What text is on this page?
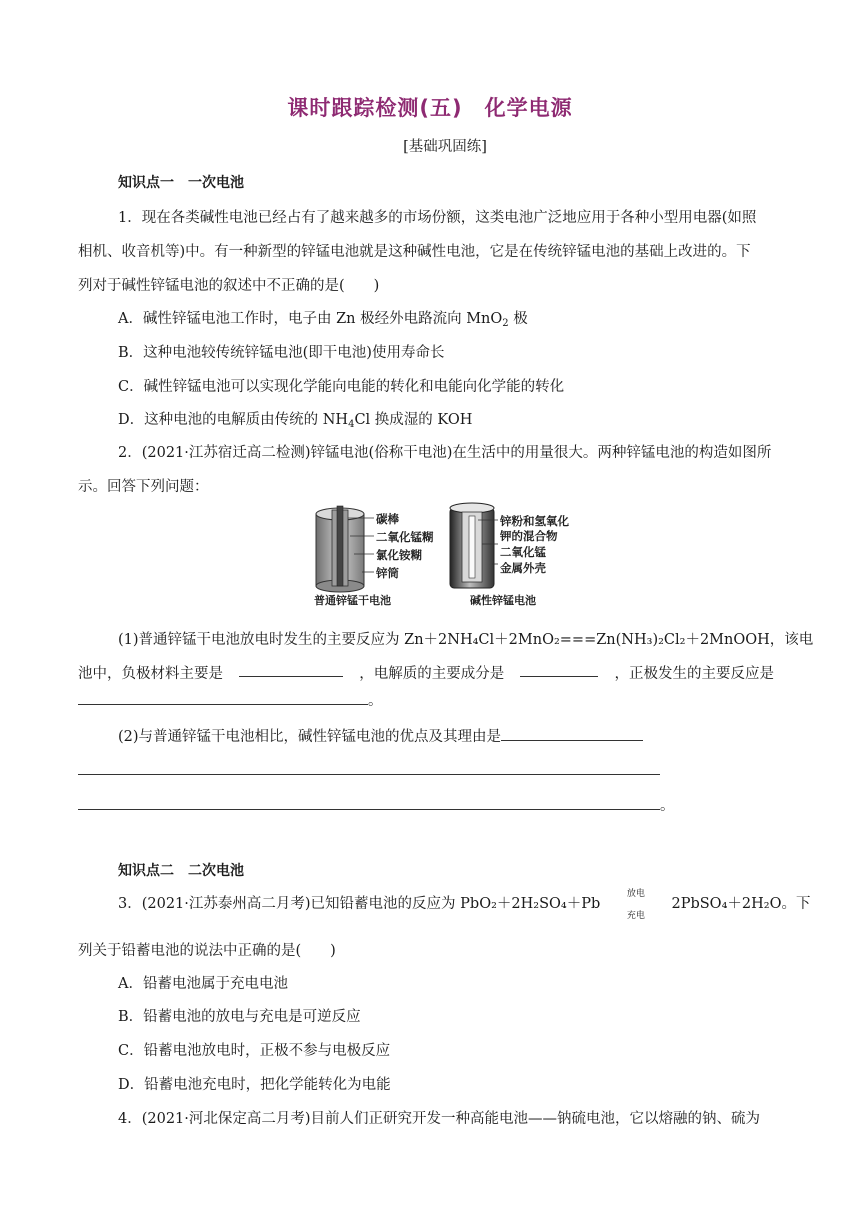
课时跟踪检测(五)　化学电源
[基础巩固练]
知识点一　一次电池
1．现在各类碱性电池已经占有了越来越多的市场份额，这类电池广泛地应用于各种小型用电器(如照
相机、收音机等)中。有一种新型的锌锰电池就是这种碱性电池，它是在传统锌锰电池的基础上改进的。下
列对于碱性锌锰电池的叙述中不正确的是(　　)
A．碱性锌锰电池工作时，电子由 Zn 极经外电路流向 MnO$_2$ 极
B．这种电池较传统锌锰电池(即干电池)使用寿命长
C．碱性锌锰电池可以实现化学能向电能的转化和电能向化学能的转化
D．这种电池的电解质由传统的 $NH_4Cl$ 换成湿的 KOH
2．(2021·江苏宿迁高二检测)锌锰电池(俗称干电池)在生活中的用量很大。两种锌锰电池的构造如图所
示。回答下列问题：
碳棒
二氧化锰糊
氯化铵糊
锌筒
普通锌锰干电池
锌粉和氢氧化
钾的混合物
二氧化锰
金属外壳
碱性锌锰电池
(1)普通锌锰干电池放电时发生的主要反应为 Zn＋2NH₄Cl＋2MnO₂===Zn(NH₃)₂Cl₂＋2MnOOH，该电
池中，负极材料主要是	，电解质的主要成分是	，正极发生的主要反应是
。
(2)与普通锌锰干电池相比，碱性锌锰电池的优点及其理由是
。
知识点二　二次电池
3．(2021·江苏泰州高二月考)已知铅蓄电池的反应为 PbO₂＋2H₂SO₄＋Pb
放电
充电
2PbSO₄＋2H₂O。下
列关于铅蓄电池的说法中正确的是(　　)
A．铅蓄电池属于充电电池
B．铅蓄电池的放电与充电是可逆反应
C．铅蓄电池放电时，正极不参与电极反应
D．铅蓄电池充电时，把化学能转化为电能
4．(2021·河北保定高二月考)目前人们正研究开发一种高能电池——钠硫电池，它以熔融的钠、硫为
